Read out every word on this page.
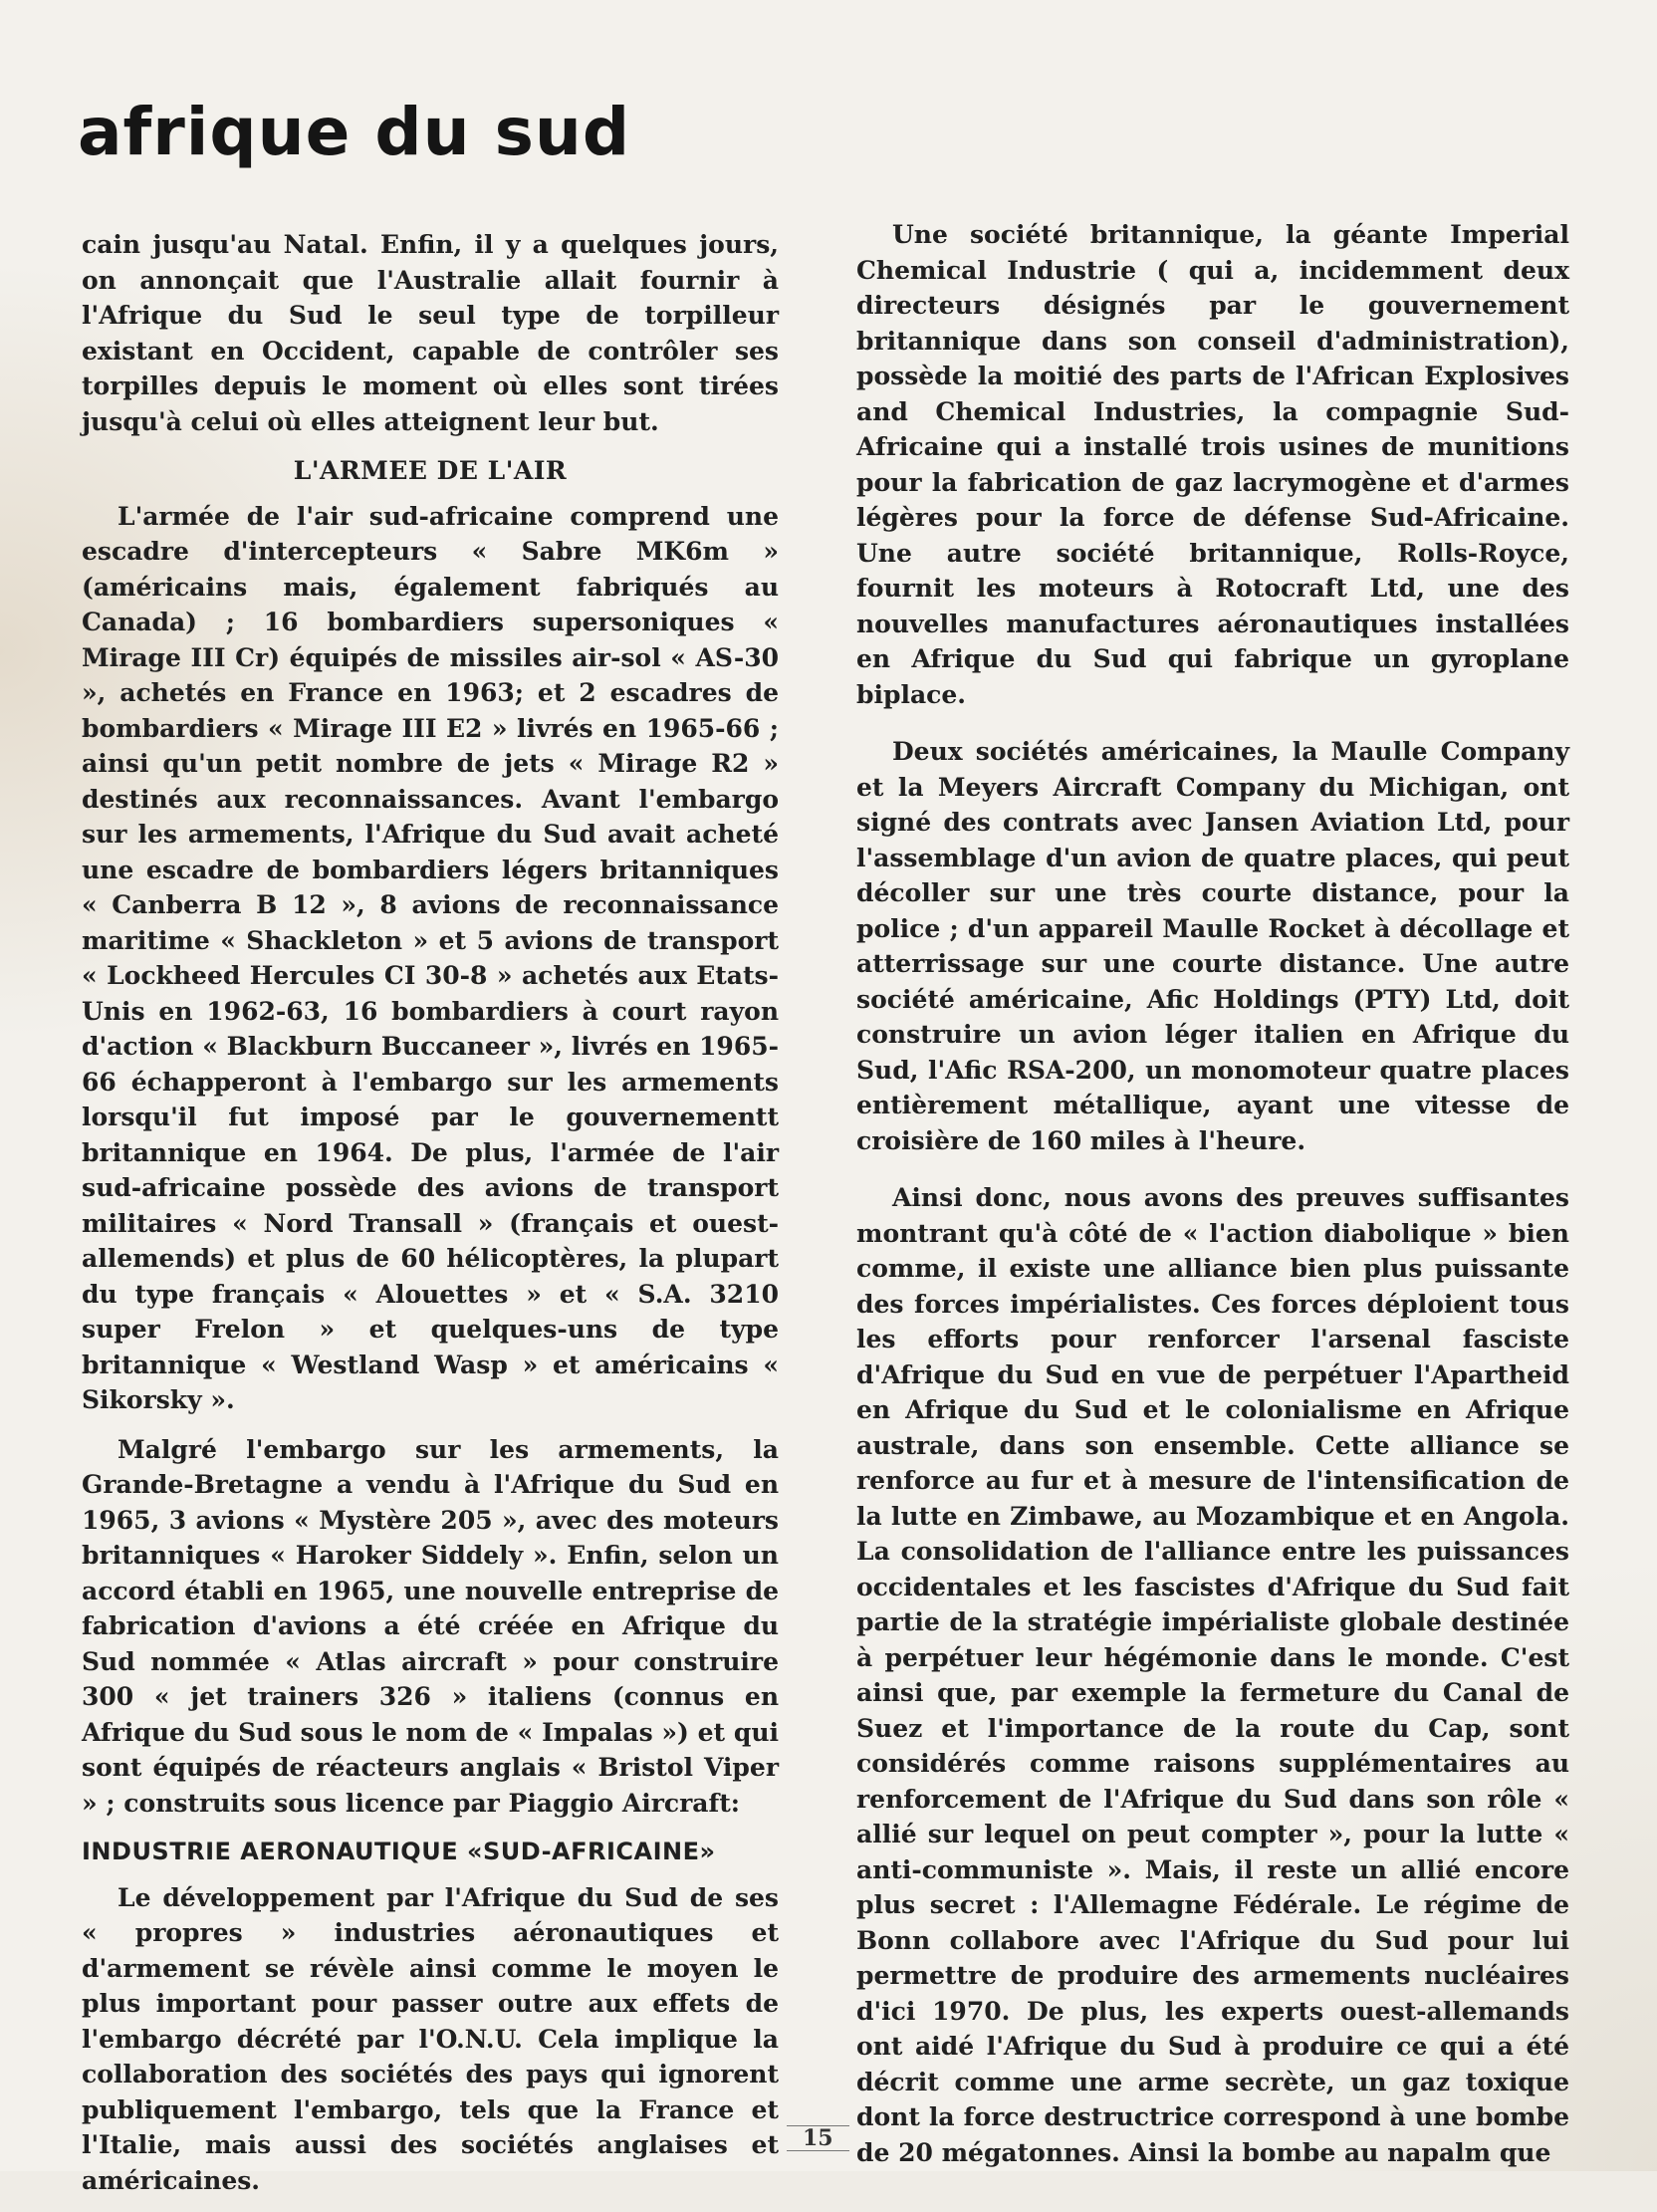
afrique du sud

cain jusqu'au Natal. Enfin, il y a quelques jours, on annonçait que l'Australie allait fournir à l'Afrique du Sud le seul type de torpilleur existant en Occident, capable de contrôler ses torpilles depuis le moment où elles sont tirées jusqu'à celui où elles atteignent leur but.

L'ARMEE DE L'AIR

L'armée de l'air sud-africaine comprend une escadre d'intercepteurs « Sabre MK6m » (américains mais, également fabriqués au Canada) ; 16 bombardiers supersoniques « Mirage III Cr) équipés de missiles air-sol « AS-30 », achetés en France en 1963; et 2 escadres de bombardiers « Mirage III E2 » livrés en 1965-66 ; ainsi qu'un petit nombre de jets « Mirage R2 » destinés aux reconnaissances. Avant l'embargo sur les armements, l'Afrique du Sud avait acheté une escadre de bombardiers légers britanniques « Canberra B 12 », 8 avions de reconnaissance maritime « Shackleton » et 5 avions de transport « Lockheed Hercules CI 30-8 » achetés aux Etats-Unis en 1962-63, 16 bombardiers à court rayon d'action « Blackburn Buccaneer », livrés en 1965-66 échapperont à l'embargo sur les armements lorsqu'il fut imposé par le gouvernementt britannique en 1964. De plus, l'armée de l'air sud-africaine possède des avions de transport militaires « Nord Transall » (français et ouest-allemends) et plus de 60 hélicoptères, la plupart du type français « Alouettes » et « S.A. 3210 super Frelon » et quelques-uns de type britannique « Westland Wasp » et américains « Sikorsky ».

Malgré l'embargo sur les armements, la Grande-Bretagne a vendu à l'Afrique du Sud en 1965, 3 avions « Mystère 205 », avec des moteurs britanniques « Haroker Siddely ». Enfin, selon un accord établi en 1965, une nouvelle entreprise de fabrication d'avions a été créée en Afrique du Sud nommée « Atlas aircraft » pour construire 300 « jet trainers 326 » italiens (connus en Afrique du Sud sous le nom de « Impalas ») et qui sont équipés de réacteurs anglais « Bristol Viper » ; construits sous licence par Piaggio Aircraft:

INDUSTRIE AERONAUTIQUE «SUD-AFRICAINE»

Le développement par l'Afrique du Sud de ses « propres » industries aéronautiques et d'armement se révèle ainsi comme le moyen le plus important pour passer outre aux effets de l'embargo décrété par l'O.N.U. Cela implique la collaboration des sociétés des pays qui ignorent publiquement l'embargo, tels que la France et l'Italie, mais aussi des sociétés anglaises et américaines.

Une société britannique, la géante Imperial Chemical Industrie ( qui a, incidemment deux directeurs désignés par le gouvernement britannique dans son conseil d'administration), possède la moitié des parts de l'African Explosives and Chemical Industries, la compagnie Sud-Africaine qui a installé trois usines de munitions pour la fabrication de gaz lacrymogène et d'armes légères pour la force de défense Sud-Africaine. Une autre société britannique, Rolls-Royce, fournit les moteurs à Rotocraft Ltd, une des nouvelles manufactures aéronautiques installées en Afrique du Sud qui fabrique un gyroplane biplace.

Deux sociétés américaines, la Maulle Company et la Meyers Aircraft Company du Michigan, ont signé des contrats avec Jansen Aviation Ltd, pour l'assemblage d'un avion de quatre places, qui peut décoller sur une très courte distance, pour la police ; d'un appareil Maulle Rocket à décollage et atterrissage sur une courte distance. Une autre société américaine, Afic Holdings (PTY) Ltd, doit construire un avion léger italien en Afrique du Sud, l'Afic RSA-200, un monomoteur quatre places entièrement métallique, ayant une vitesse de croisière de 160 miles à l'heure.

Ainsi donc, nous avons des preuves suffisantes montrant qu'à côté de « l'action diabolique » bien comme, il existe une alliance bien plus puissante des forces impérialistes. Ces forces déploient tous les efforts pour renforcer l'arsenal fasciste d'Afrique du Sud en vue de perpétuer l'Apartheid en Afrique du Sud et le colonialisme en Afrique australe, dans son ensemble. Cette alliance se renforce au fur et à mesure de l'intensification de la lutte en Zimbawe, au Mozambique et en Angola. La consolidation de l'alliance entre les puissances occidentales et les fascistes d'Afrique du Sud fait partie de la stratégie impérialiste globale destinée à perpétuer leur hégémonie dans le monde. C'est ainsi que, par exemple la fermeture du Canal de Suez et l'importance de la route du Cap, sont considérés comme raisons supplémentaires au renforcement de l'Afrique du Sud dans son rôle « allié sur lequel on peut compter », pour la lutte « anti-communiste ». Mais, il reste un allié encore plus secret : l'Allemagne Fédérale. Le régime de Bonn collabore avec l'Afrique du Sud pour lui permettre de produire des armements nucléaires d'ici 1970. De plus, les experts ouest-allemands ont aidé l'Afrique du Sud à produire ce qui a été décrit comme une arme secrète, un gaz toxique dont la force destructrice correspond à une bombe de 20 mégatonnes. Ainsi la bombe au napalm que

15
